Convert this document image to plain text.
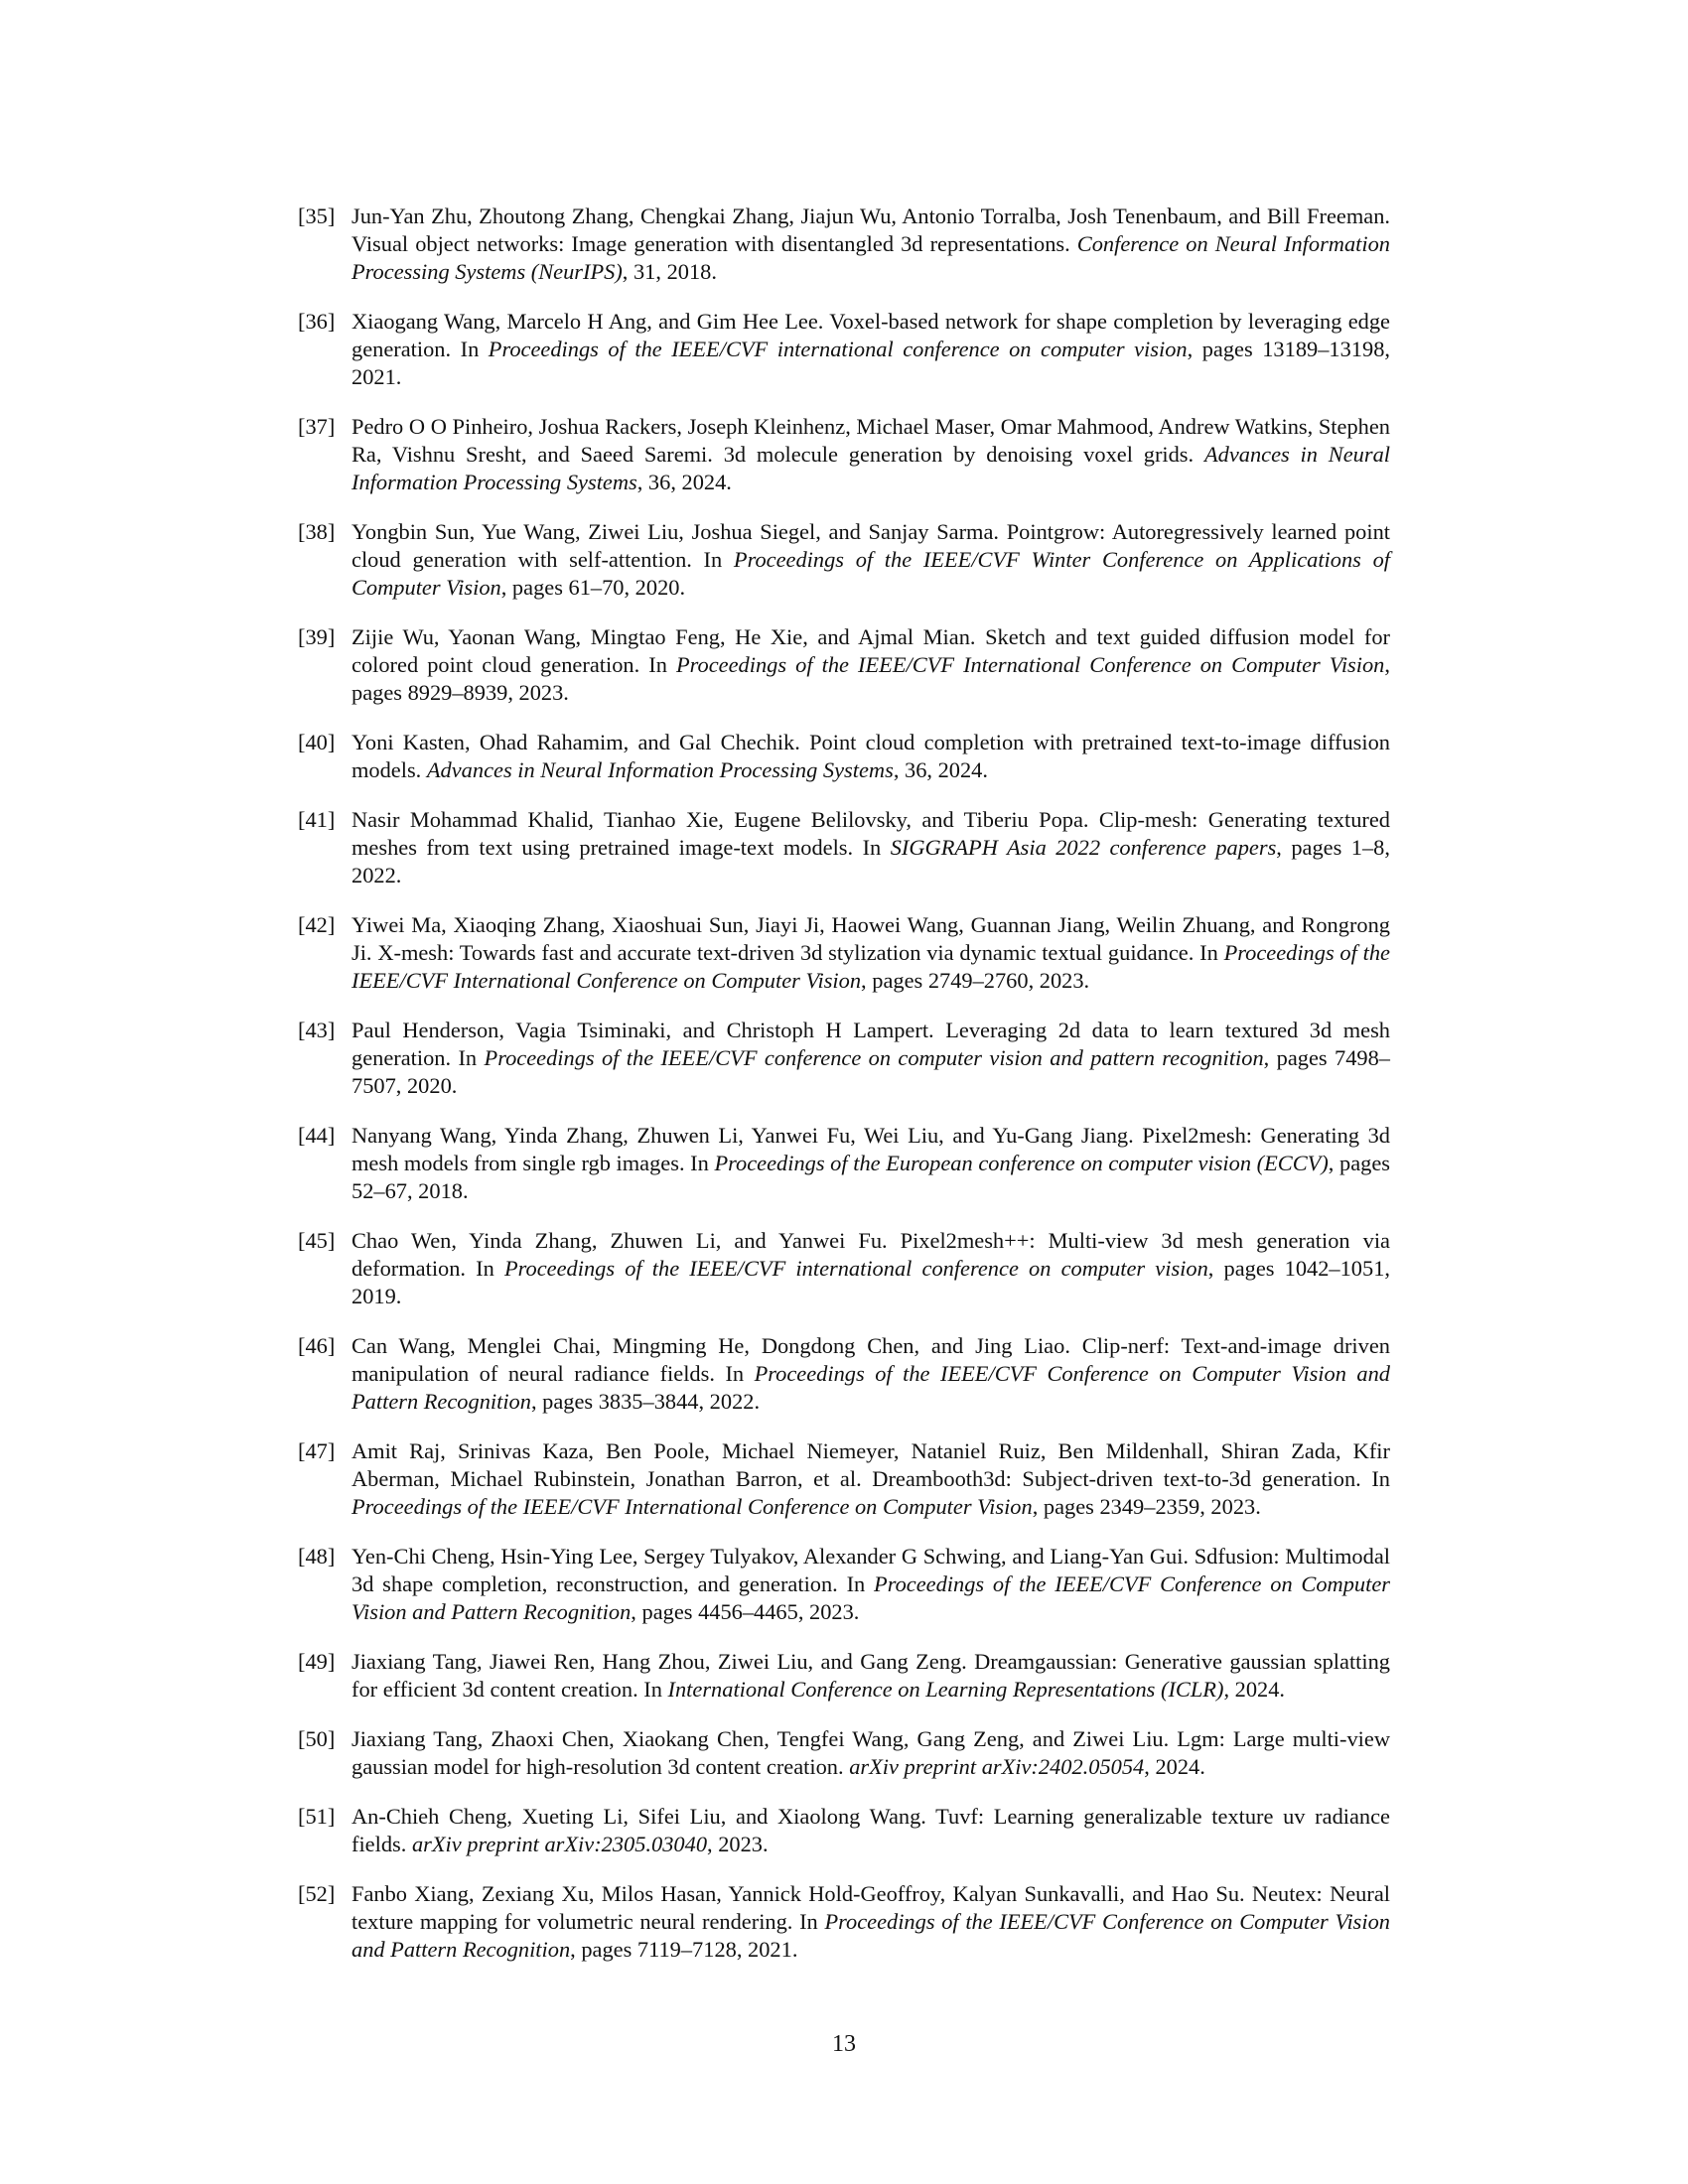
[35] Jun-Yan Zhu, Zhoutong Zhang, Chengkai Zhang, Jiajun Wu, Antonio Torralba, Josh Tenenbaum, and Bill Freeman. Visual object networks: Image generation with disentangled 3d representations. Conference on Neural Information Processing Systems (NeurIPS), 31, 2018.
[36] Xiaogang Wang, Marcelo H Ang, and Gim Hee Lee. Voxel-based network for shape completion by leveraging edge generation. In Proceedings of the IEEE/CVF international conference on computer vision, pages 13189–13198, 2021.
[37] Pedro O O Pinheiro, Joshua Rackers, Joseph Kleinhenz, Michael Maser, Omar Mahmood, Andrew Watkins, Stephen Ra, Vishnu Sresht, and Saeed Saremi. 3d molecule generation by denoising voxel grids. Advances in Neural Information Processing Systems, 36, 2024.
[38] Yongbin Sun, Yue Wang, Ziwei Liu, Joshua Siegel, and Sanjay Sarma. Pointgrow: Autoregressively learned point cloud generation with self-attention. In Proceedings of the IEEE/CVF Winter Conference on Applications of Computer Vision, pages 61–70, 2020.
[39] Zijie Wu, Yaonan Wang, Mingtao Feng, He Xie, and Ajmal Mian. Sketch and text guided diffusion model for colored point cloud generation. In Proceedings of the IEEE/CVF International Conference on Computer Vision, pages 8929–8939, 2023.
[40] Yoni Kasten, Ohad Rahamim, and Gal Chechik. Point cloud completion with pretrained text-to-image diffusion models. Advances in Neural Information Processing Systems, 36, 2024.
[41] Nasir Mohammad Khalid, Tianhao Xie, Eugene Belilovsky, and Tiberiu Popa. Clip-mesh: Generating textured meshes from text using pretrained image-text models. In SIGGRAPH Asia 2022 conference papers, pages 1–8, 2022.
[42] Yiwei Ma, Xiaoqing Zhang, Xiaoshuai Sun, Jiayi Ji, Haowei Wang, Guannan Jiang, Weilin Zhuang, and Rongrong Ji. X-mesh: Towards fast and accurate text-driven 3d stylization via dynamic textual guidance. In Proceedings of the IEEE/CVF International Conference on Computer Vision, pages 2749–2760, 2023.
[43] Paul Henderson, Vagia Tsiminaki, and Christoph H Lampert. Leveraging 2d data to learn textured 3d mesh generation. In Proceedings of the IEEE/CVF conference on computer vision and pattern recognition, pages 7498–7507, 2020.
[44] Nanyang Wang, Yinda Zhang, Zhuwen Li, Yanwei Fu, Wei Liu, and Yu-Gang Jiang. Pixel2mesh: Generating 3d mesh models from single rgb images. In Proceedings of the European conference on computer vision (ECCV), pages 52–67, 2018.
[45] Chao Wen, Yinda Zhang, Zhuwen Li, and Yanwei Fu. Pixel2mesh++: Multi-view 3d mesh generation via deformation. In Proceedings of the IEEE/CVF international conference on computer vision, pages 1042–1051, 2019.
[46] Can Wang, Menglei Chai, Mingming He, Dongdong Chen, and Jing Liao. Clip-nerf: Text-and-image driven manipulation of neural radiance fields. In Proceedings of the IEEE/CVF Conference on Computer Vision and Pattern Recognition, pages 3835–3844, 2022.
[47] Amit Raj, Srinivas Kaza, Ben Poole, Michael Niemeyer, Nataniel Ruiz, Ben Mildenhall, Shiran Zada, Kfir Aberman, Michael Rubinstein, Jonathan Barron, et al. Dreambooth3d: Subject-driven text-to-3d generation. In Proceedings of the IEEE/CVF International Conference on Computer Vision, pages 2349–2359, 2023.
[48] Yen-Chi Cheng, Hsin-Ying Lee, Sergey Tulyakov, Alexander G Schwing, and Liang-Yan Gui. Sdfusion: Multimodal 3d shape completion, reconstruction, and generation. In Proceedings of the IEEE/CVF Conference on Computer Vision and Pattern Recognition, pages 4456–4465, 2023.
[49] Jiaxiang Tang, Jiawei Ren, Hang Zhou, Ziwei Liu, and Gang Zeng. Dreamgaussian: Generative gaussian splatting for efficient 3d content creation. In International Conference on Learning Representations (ICLR), 2024.
[50] Jiaxiang Tang, Zhaoxi Chen, Xiaokang Chen, Tengfei Wang, Gang Zeng, and Ziwei Liu. Lgm: Large multi-view gaussian model for high-resolution 3d content creation. arXiv preprint arXiv:2402.05054, 2024.
[51] An-Chieh Cheng, Xueting Li, Sifei Liu, and Xiaolong Wang. Tuvf: Learning generalizable texture uv radiance fields. arXiv preprint arXiv:2305.03040, 2023.
[52] Fanbo Xiang, Zexiang Xu, Milos Hasan, Yannick Hold-Geoffroy, Kalyan Sunkavalli, and Hao Su. Neutex: Neural texture mapping for volumetric neural rendering. In Proceedings of the IEEE/CVF Conference on Computer Vision and Pattern Recognition, pages 7119–7128, 2021.
13
